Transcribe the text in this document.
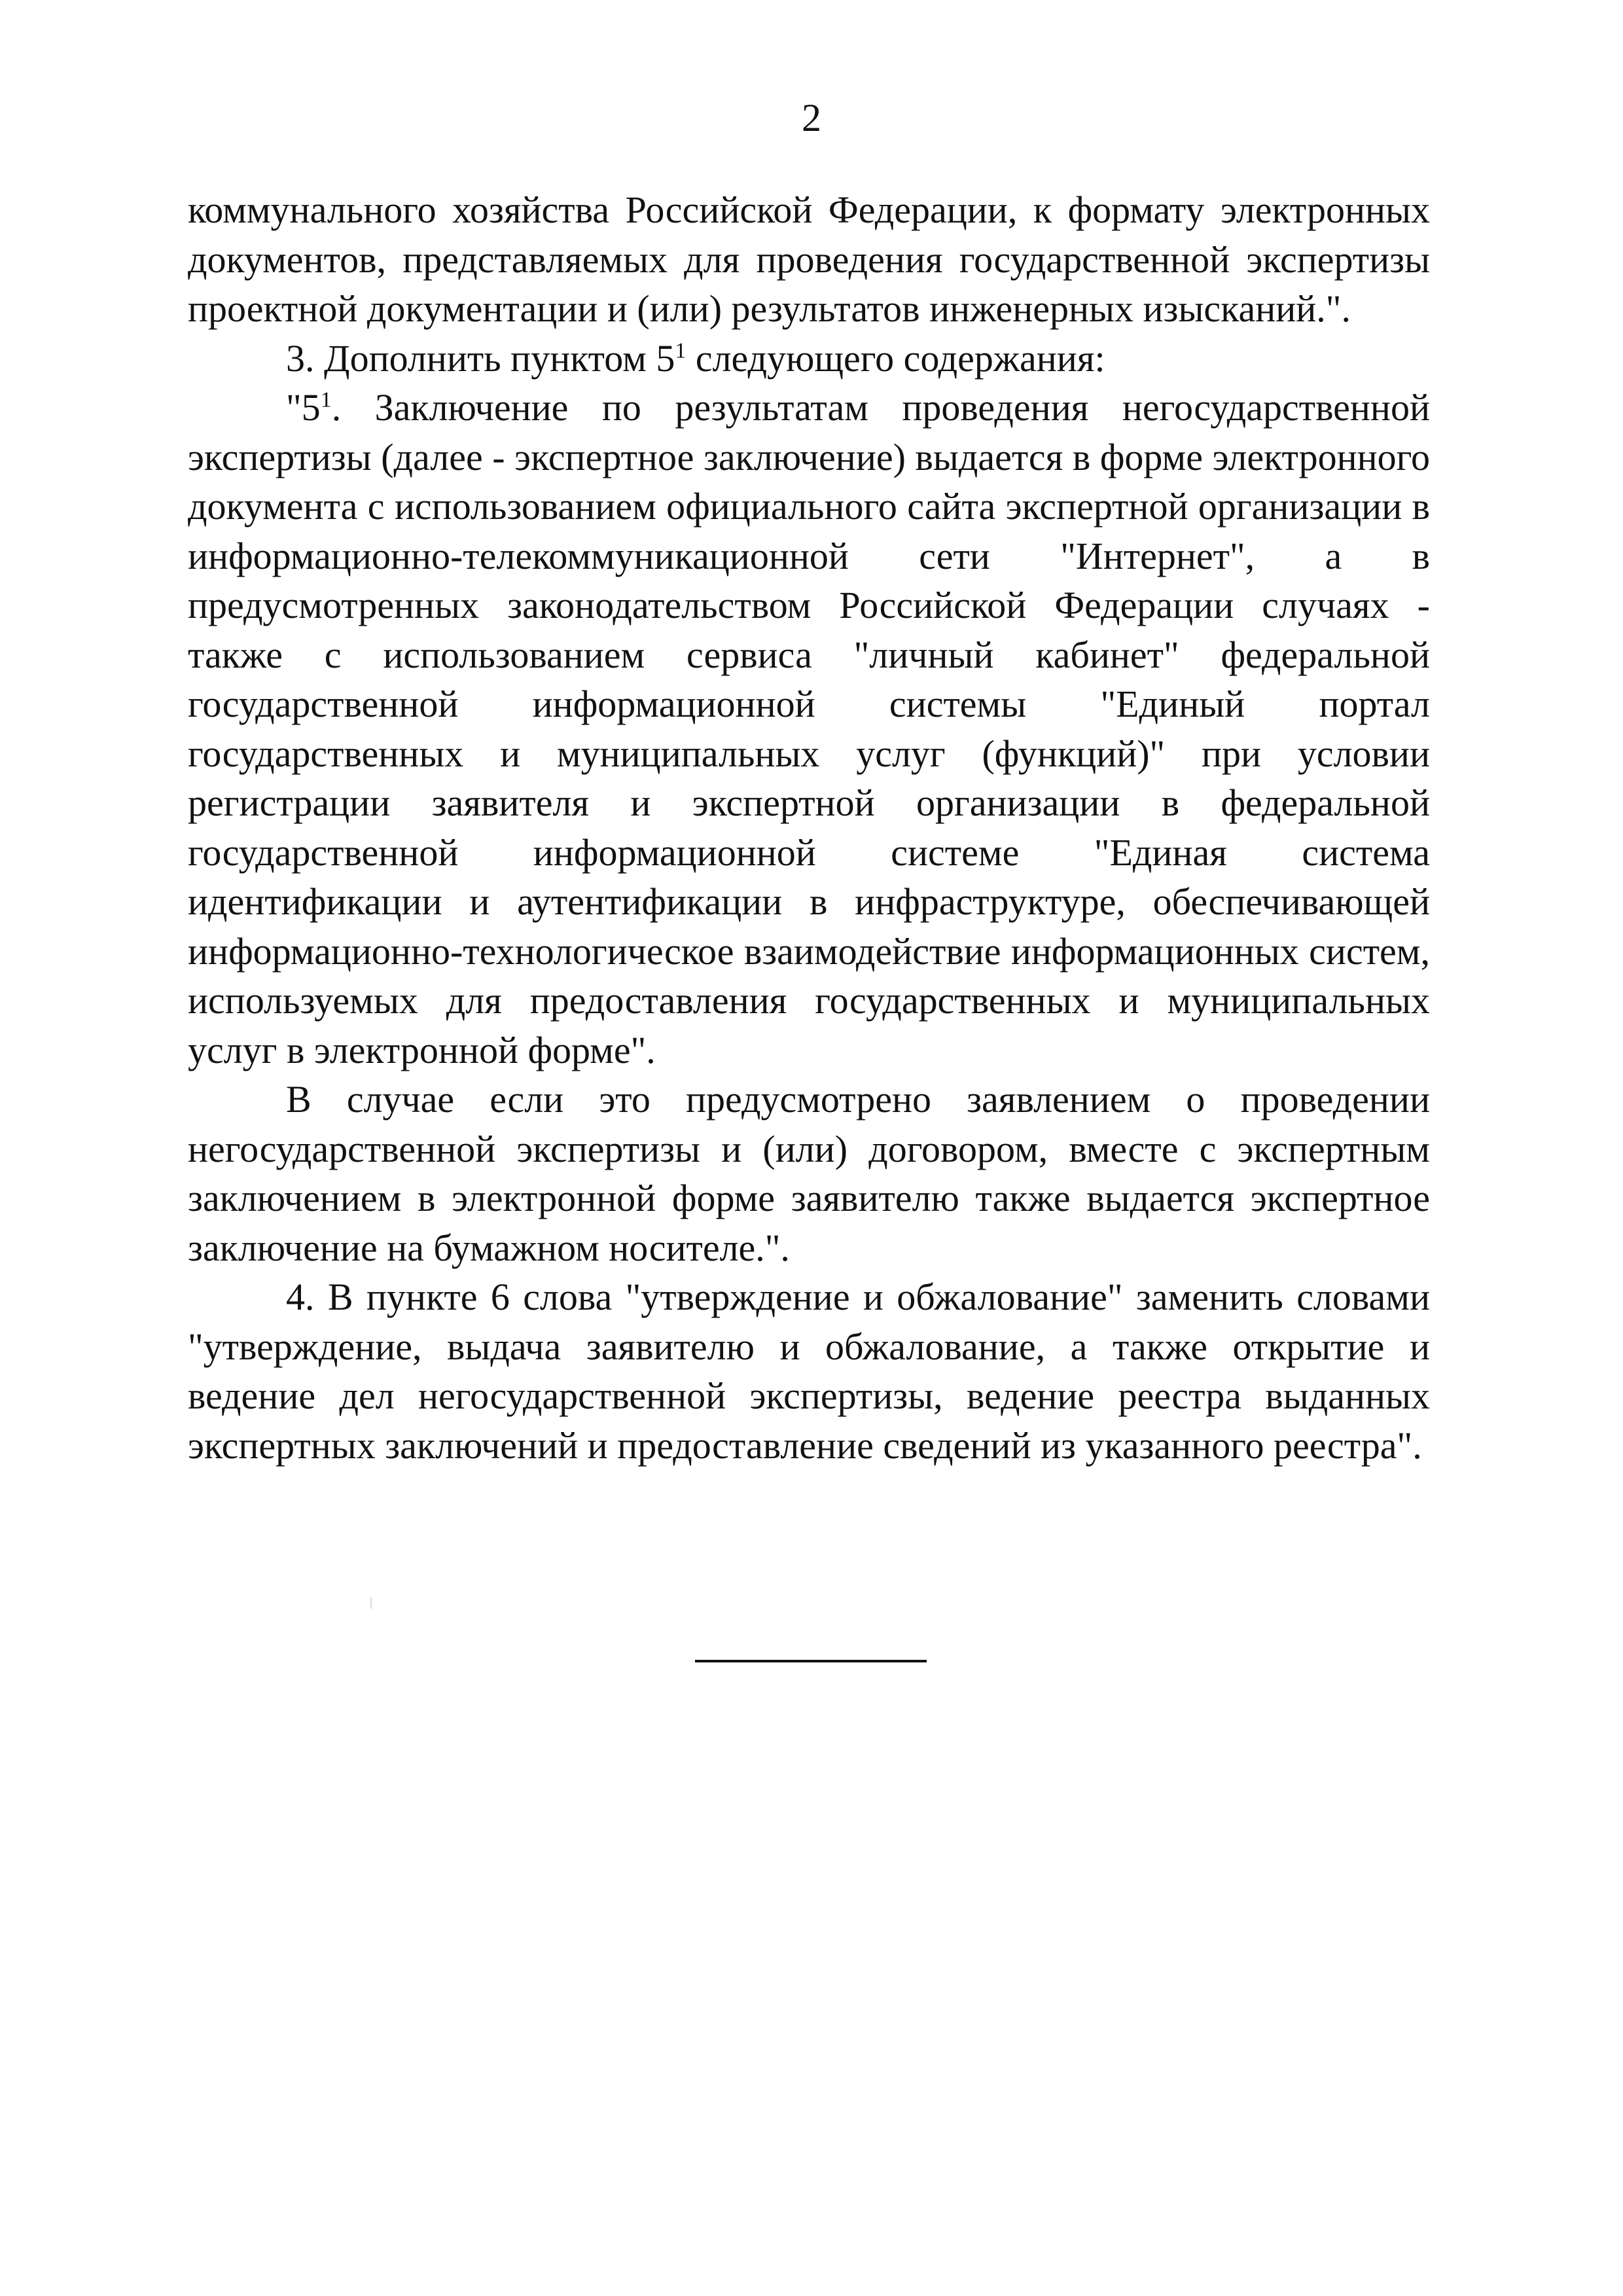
2

коммунального хозяйства Российской Федерации, к формату электронных документов, представляемых для проведения государственной экспертизы проектной документации и (или) результатов инженерных изысканий.".

3. Дополнить пунктом $5^1$ следующего содержания:

"$5^1$. Заключение по результатам проведения негосударственной экспертизы (далее - экспертное заключение) выдается в форме электронного документа с использованием официального сайта экспертной организации в информационно-телекоммуникационной сети "Интернет", а в предусмотренных законодательством Российской Федерации случаях - также с использованием сервиса "личный кабинет" федеральной государственной информационной системы "Единый портал государственных и муниципальных услуг (функций)" при условии регистрации заявителя и экспертной организации в федеральной государственной информационной системе "Единая система идентификации и аутентификации в инфраструктуре, обеспечивающей информационно-технологическое взаимодействие информационных систем, используемых для предоставления государственных и муниципальных услуг в электронной форме".

В случае если это предусмотрено заявлением о проведении негосударственной экспертизы и (или) договором, вместе с экспертным заключением в электронной форме заявителю также выдается экспертное заключение на бумажном носителе.".

4. В пункте 6 слова "утверждение и обжалование" заменить словами "утверждение, выдача заявителю и обжалование, а также открытие и ведение дел негосударственной экспертизы, ведение реестра выданных экспертных заключений и предоставление сведений из указанного реестра".
